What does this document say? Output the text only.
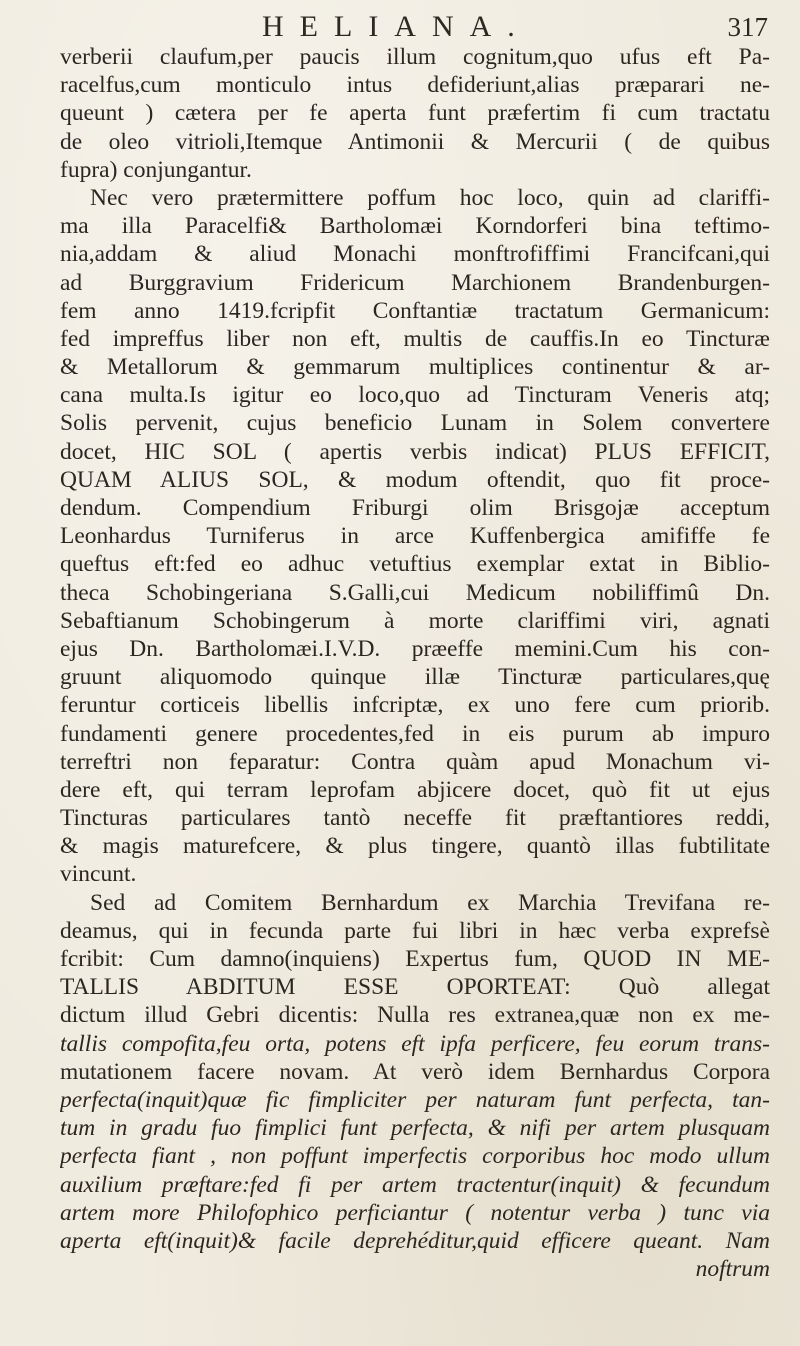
HELIANA.	317
verberii claufum,per paucis illum cognitum,quo ufus eft Pa-
racelfus,cum monticulo intus defideriunt,alias præparari ne-
queunt ) cætera per fe aperta funt præfertim fi cum tractatu
de oleo vitrioli,Itemque Antimonii & Mercurii ( de quibus
fupra) conjungantur.
Nec vero prætermittere poffum hoc loco, quin ad clariffi-
ma illa Paracelfi& Bartholomæi Korndorferi bina teftimo-
nia,addam & aliud Monachi monftrofiffimi Francifcani,qui
ad Burggravium Fridericum Marchionem Brandenburgen-
fem anno 1419.fcripfit Conftantiæ tractatum Germanicum:
fed impreffus liber non eft, multis de cauffis.In eo Tincturæ
& Metallorum & gemmarum multiplices continentur & ar-
cana multa.Is igitur eo loco,quo ad Tincturam Veneris atq;
Solis pervenit, cujus beneficio Lunam in Solem convertere
docet, HIC SOL ( apertis verbis indicat) PLUS EFFICIT,
QUAM ALIUS SOL, & modum oftendit, quo fit proce-
dendum. Compendium Friburgi olim Brisgojæ acceptum
Leonhardus Turniferus in arce Kuffenbergica amififfe fe
queftus eft:fed eo adhuc vetuftius exemplar extat in Biblio-
theca Schobingeriana S.Galli,cui Medicum nobiliffimû Dn.
Sebaftianum Schobingerum à morte clariffimi viri, agnati
ejus Dn. Bartholomæi.I.V.D. præeffe memini.Cum his con-
gruunt aliquomodo quinque illæ Tincturæ particulares,quę
feruntur corticeis libellis infcriptæ, ex uno fere cum priorib.
fundamenti genere procedentes,fed in eis purum ab impuro
terreftri non feparatur: Contra quàm apud Monachum vi-
dere eft, qui terram leprofam abjicere docet, quò fit ut ejus
Tincturas particulares tantò neceffe fit præftantiores reddi,
& magis maturefcere, & plus tingere, quantò illas fubtilitate
vincunt.
Sed ad Comitem Bernhardum ex Marchia Trevifana re-
deamus, qui in fecunda parte fui libri in hæc verba exprefsè
fcribit: Cum damno(inquiens) Expertus fum, QUOD IN ME-
TALLIS ABDITUM ESSE OPORTEAT: Quò allegat
dictum illud Gebri dicentis: Nulla res extranea,quæ non ex me-
tallis compofita,feu orta, potens eft ipfa perficere, feu eorum trans-
mutationem facere novam. At verò idem Bernhardus Corpora
perfecta(inquit)quæ fic fimpliciter per naturam funt perfecta, tan-
tum in gradu fuo fimplici funt perfecta, & nifi per artem plusquam
perfecta fiant , non poffunt imperfectis corporibus hoc modo ullum
auxilium præftare:fed fi per artem tractentur(inquit) & fecundum
artem more Philofophico perficiantur ( notentur verba ) tunc via
aperta eft(inquit)& facile deprehéditur,quid efficere queant. Nam
noftrum
